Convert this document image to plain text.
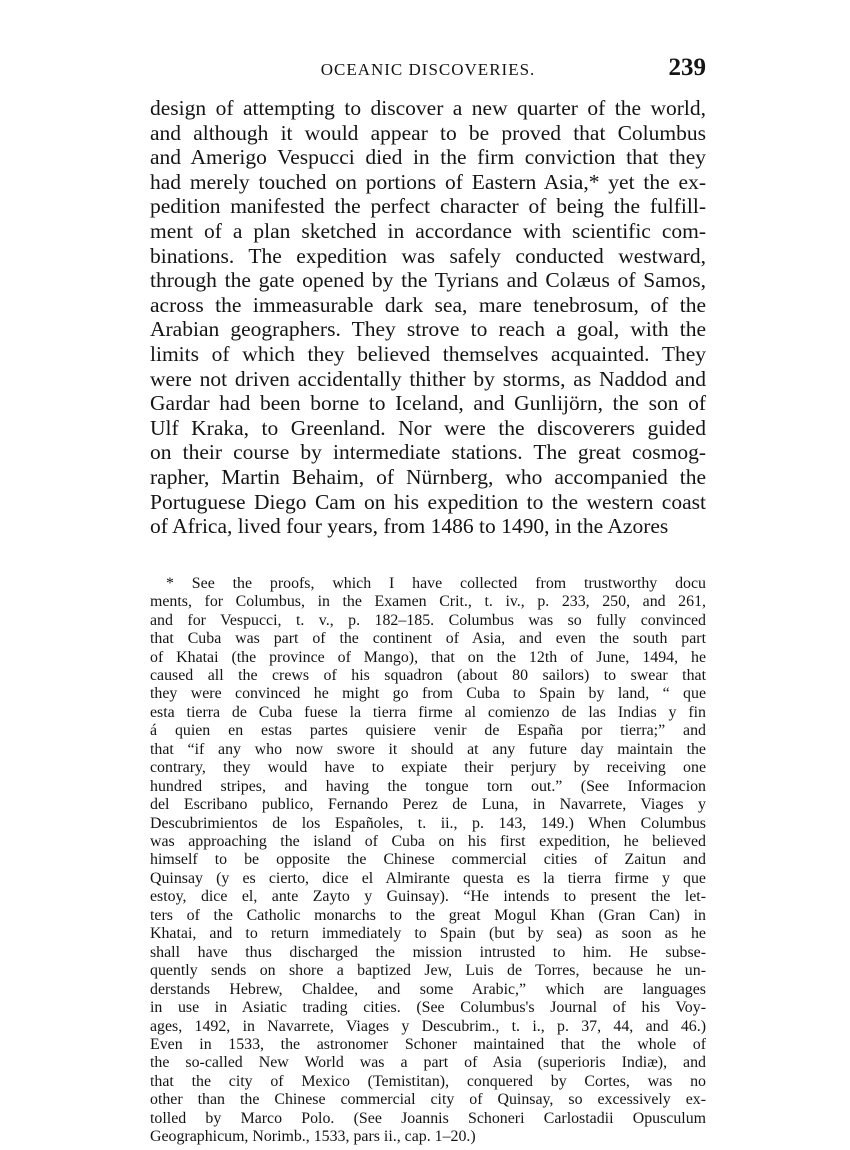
OCEANIC DISCOVERIES.	239
design of attempting to discover a new quarter of the world,
and although it would appear to be proved that Columbus
and Amerigo Vespucci died in the firm conviction that they
had merely touched on portions of Eastern Asia,* yet the ex-
pedition manifested the perfect character of being the fulfill-
ment of a plan sketched in accordance with scientific com-
binations. The expedition was safely conducted westward,
through the gate opened by the Tyrians and Colæus of Samos,
across the immeasurable dark sea, mare tenebrosum, of the
Arabian geographers. They strove to reach a goal, with the
limits of which they believed themselves acquainted. They
were not driven accidentally thither by storms, as Naddod and
Gardar had been borne to Iceland, and Gunlijörn, the son of
Ulf Kraka, to Greenland. Nor were the discoverers guided
on their course by intermediate stations. The great cosmog-
rapher, Martin Behaim, of Nürnberg, who accompanied the
Portuguese Diego Cam on his expedition to the western coast
of Africa, lived four years, from 1486 to 1490, in the Azores
* See the proofs, which I have collected from trustworthy docu
ments, for Columbus, in the Examen Crit., t. iv., p. 233, 250, and 261,
and for Vespucci, t. v., p. 182–185. Columbus was so fully convinced
that Cuba was part of the continent of Asia, and even the south part
of Khatai (the province of Mango), that on the 12th of June, 1494, he
caused all the crews of his squadron (about 80 sailors) to swear that
they were convinced he might go from Cuba to Spain by land, “ que
esta tierra de Cuba fuese la tierra firme al comienzo de las Indias y fin
á quien en estas partes quisiere venir de España por tierra;” and
that “if any who now swore it should at any future day maintain the
contrary, they would have to expiate their perjury by receiving one
hundred stripes, and having the tongue torn out.” (See Informacion
del Escribano publico, Fernando Perez de Luna, in Navarrete, Viages y
Descubrimientos de los Españoles, t. ii., p. 143, 149.) When Columbus
was approaching the island of Cuba on his first expedition, he believed
himself to be opposite the Chinese commercial cities of Zaitun and
Quinsay (y es cierto, dice el Almirante questa es la tierra firme y que
estoy, dice el, ante Zayto y Guinsay). “He intends to present the let-
ters of the Catholic monarchs to the great Mogul Khan (Gran Can) in
Khatai, and to return immediately to Spain (but by sea) as soon as he
shall have thus discharged the mission intrusted to him. He subse-
quently sends on shore a baptized Jew, Luis de Torres, because he un-
derstands Hebrew, Chaldee, and some Arabic,” which are languages
in use in Asiatic trading cities. (See Columbus's Journal of his Voy-
ages, 1492, in Navarrete, Viages y Descubrim., t. i., p. 37, 44, and 46.)
Even in 1533, the astronomer Schoner maintained that the whole of
the so-called New World was a part of Asia (superioris Indiæ), and
that the city of Mexico (Temistitan), conquered by Cortes, was no
other than the Chinese commercial city of Quinsay, so excessively ex-
tolled by Marco Polo. (See Joannis Schoneri Carlostadii Opusculum
Geographicum, Norimb., 1533, pars ii., cap. 1–20.)
